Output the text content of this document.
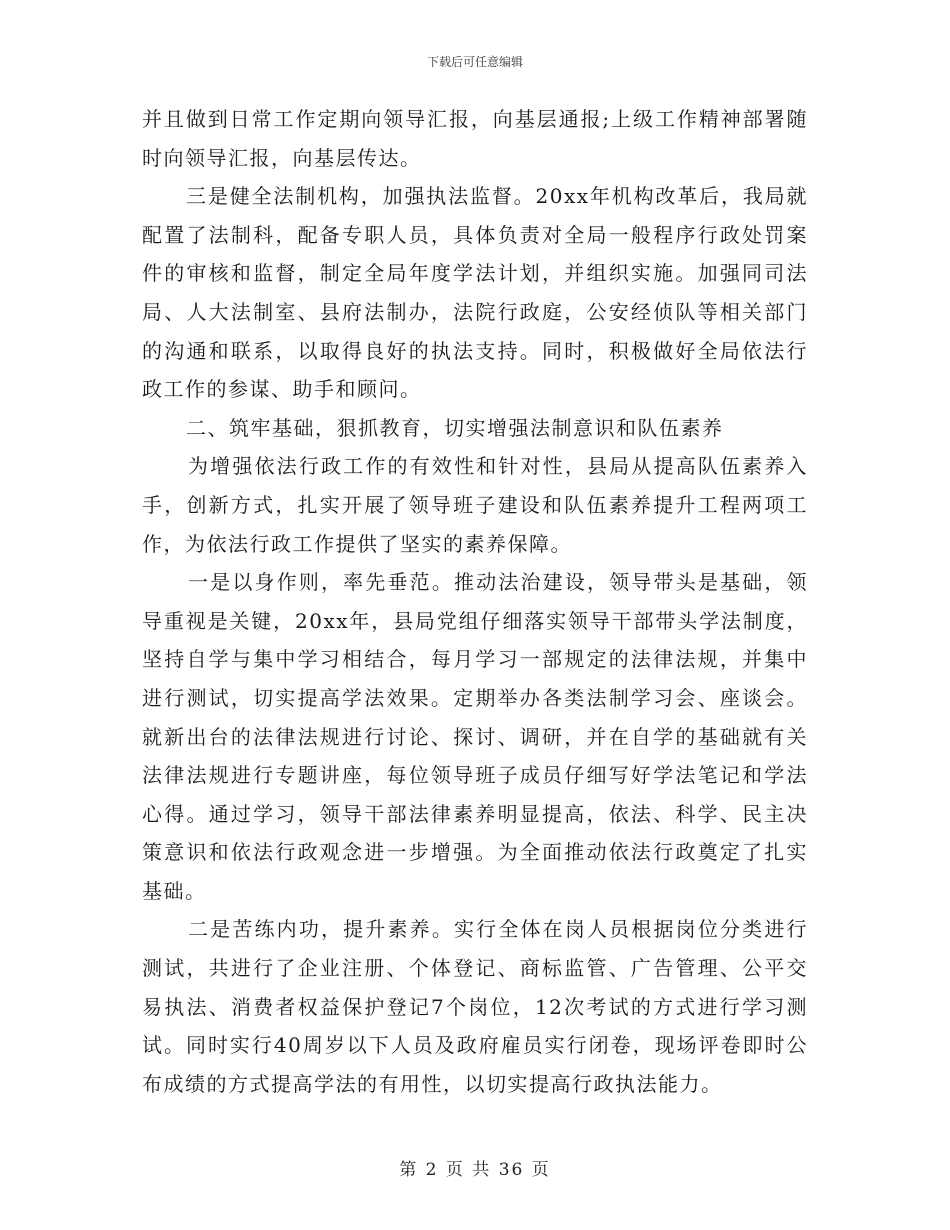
下载后可任意编辑

并且做到日常工作定期向领导汇报，向基层通报;上级工作精神部署随时向领导汇报，向基层传达。

三是健全法制机构，加强执法监督。20xx年机构改革后，我局就配置了法制科，配备专职人员，具体负责对全局一般程序行政处罚案件的审核和监督，制定全局年度学法计划，并组织实施。加强同司法局、人大法制室、县府法制办，法院行政庭，公安经侦队等相关部门的沟通和联系，以取得良好的执法支持。同时，积极做好全局依法行政工作的参谋、助手和顾问。

二、筑牢基础，狠抓教育，切实增强法制意识和队伍素养

为增强依法行政工作的有效性和针对性，县局从提高队伍素养入手，创新方式，扎实开展了领导班子建设和队伍素养提升工程两项工作，为依法行政工作提供了坚实的素养保障。

一是以身作则，率先垂范。推动法治建设，领导带头是基础，领导重视是关键，20xx年，县局党组仔细落实领导干部带头学法制度，坚持自学与集中学习相结合，每月学习一部规定的法律法规，并集中进行测试，切实提高学法效果。定期举办各类法制学习会、座谈会。就新出台的法律法规进行讨论、探讨、调研，并在自学的基础就有关法律法规进行专题讲座，每位领导班子成员仔细写好学法笔记和学法心得。通过学习，领导干部法律素养明显提高，依法、科学、民主决策意识和依法行政观念进一步增强。为全面推动依法行政奠定了扎实基础。

二是苦练内功，提升素养。实行全体在岗人员根据岗位分类进行测试，共进行了企业注册、个体登记、商标监管、广告管理、公平交易执法、消费者权益保护登记7个岗位，12次考试的方式进行学习测试。同时实行40周岁以下人员及政府雇员实行闭卷，现场评卷即时公布成绩的方式提高学法的有用性，以切实提高行政执法能力。

第 2 页 共 36 页
